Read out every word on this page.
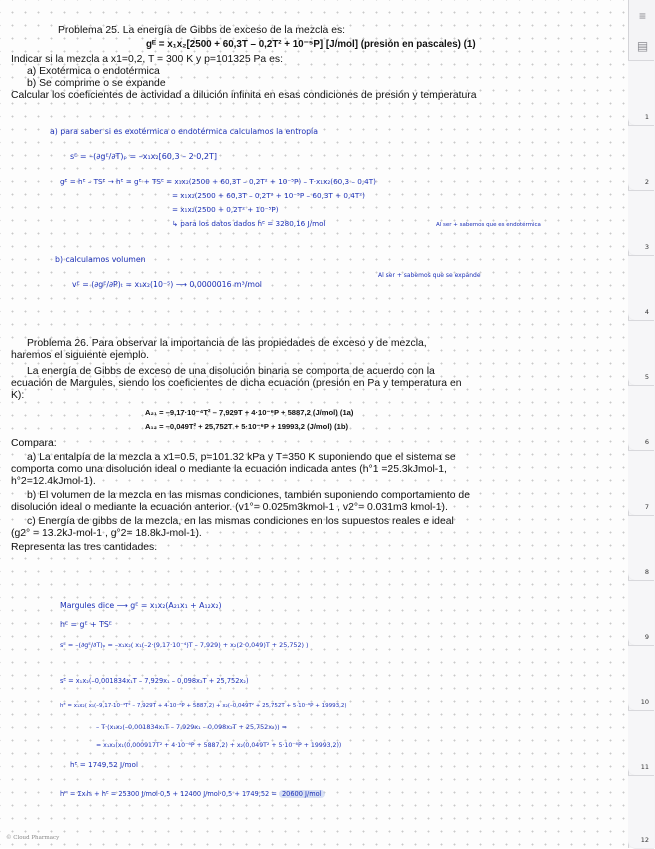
Problema 25. La energía de Gibbs de exceso de la mezcla es:
gᴱ = x₁x₂[2500 + 60,3T – 0,2T² + 10⁻⁵P] [J/mol] (presión en pascales) (1)
Indicar si la mezcla a x1=0,2, T = 300 K y p=101325 Pa es:
a) Exotérmica o endotérmica
b) Se comprime o se expande
Calcular los coeficientes de actividad a dilución infinita en esas condiciones de presión y temperatura
a) para saber si es exotérmica o endotérmica calculamos la entropía
sᴱ = –(∂gᴱ/∂T)ₚ = –x₁x₂[60,3 – 2·0,2T]
gᴱ = hᴱ – TSᴱ → hᴱ = gᴱ + TSᴱ = x₁x₂(2500 + 60,3T – 0,2T² + 10⁻⁵P) – T·x₁x₂(60,3 – 0,4T)
= x₁x₂(2500 + 60,3T – 0,2T² + 10⁻⁵P – 60,3T + 0,4T²)
= x₁x₂(2500 + 0,2T² + 10⁻⁵P)
↳ para los datos dados hᴱ = 3280,16 J/mol	Al ser + sabemos que es endotérmica
b) calculamos volumen
vᴱ = (∂gᴱ/∂P)ₜ = x₁x₂(10⁻⁵) ⟶ 0,0000016 m³/mol
Al ser + sabemos que se expande
Problema 26. Para observar la importancia de las propiedades de exceso y de mezcla,
haremos el siguiente ejemplo.
La energía de Gibbs de exceso de una disolución binaria se comporta de acuerdo con la
ecuación de Margules, siendo los coeficientes de dicha ecuación (presión en Pa y temperatura en
K):
A₂₁ = –9,17·10⁻⁴T² – 7,929T + 4·10⁻⁶P + 5887,2 (J/mol) (1a)
A₁₂ = –0,049T² + 25,752T + 5·10⁻⁶P + 19993,2 (J/mol) (1b)
Compara:
a) La entalpía de la mezcla a x1=0.5, p=101.32 kPa y T=350 K suponiendo que el sistema se
comporta como una disolución ideal o mediante la ecuación indicada antes (h°1 =25.3kJmol-1,
h°2=12.4kJmol-1).
b) El volumen de la mezcla en las mismas condiciones, también suponiendo comportamiento de
disolución ideal o mediante la ecuación anterior. (v1°= 0.025m3kmol-1 , v2°= 0.031m3 kmol-1).
c) Energía de gibbs de la mezcla, en las mismas condiciones en los supuestos reales e ideal
(g2° = 13.2kJ-mol-1 , g°2= 18.8kJ-mol-1).
Representa las tres cantidades.
Margules dice ⟶ gᴱ = x₁x₂(A₂₁x₁ + A₁₂x₂)
hᴱ = gᴱ + TSᴱ
sᴱ = –(∂gᴱ/∂T)ₚ = –x₁x₂( x₁(–2·(9,17·10⁻⁴)T – 7,929) + x₂(2·0,049)T + 25,752) )
sᴱ = x₁x₂(–0,001834x₁T – 7,929x₁ – 0,098x₂T + 25,752x₂)
hᴱ = x₁x₂( x₁(–9,17·10⁻⁴T² – 7,929T + 4·10⁻⁶P + 5887,2) + x₂(–0,049T² + 25,752T + 5·10⁻⁶P + 19993,2)
– T·(x₁x₂(–0,001834x₁T – 7,929x₁ – 0,098x₂T + 25,752x₂)) =
= x₁x₂(x₁(0,000917T² + 4·10⁻⁶P + 5887,2) + x₂(0,049T² + 5·10⁻⁶P + 19993,2))
hᴱ = 1749,52 J/mol
hᴹ = Σxᵢhᵢ + hᴱ = 25300 J/mol·0,5 + 12400 J/mol·0,5 + 1749,52 = 20600 J/mol
© Cloud Pharmacy
≡
▤
1
2
3
4
5
6
7
8
9
10
11
12
